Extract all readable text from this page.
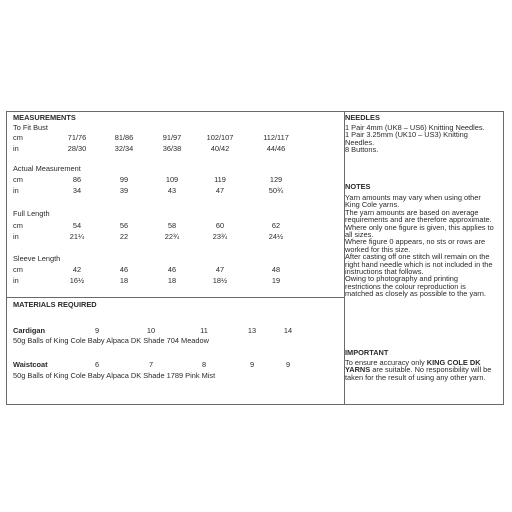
MEASUREMENTS
To Fit Bust
cm	71/76	81/86	91/97	102/107	112/117
in	28/30	32/34	36/38	40/42	44/46
Actual Measurement
cm	86	99	109	119	129
in	34	39	43	47	50¾
Full Length
cm	54	56	58	60	62
in	21¼	22	22¾	23¾	24½
Sleeve Length
cm	42	46	46	47	48
in	16½	18	18	18½	19
MATERIALS REQUIRED
Cardigan	9	10	11	13	14
50g Balls of King Cole Baby Alpaca DK Shade 704 Meadow
Waistcoat	6	7	8	9	9
50g Balls of King Cole Baby Alpaca DK Shade 1789 Pink Mist
NEEDLES
1 Pair 4mm (UK8 – US6) Knitting Needles.
1 Pair 3.25mm (UK10 – US3) Knitting Needles.
8 Buttons.
NOTES
Yarn amounts may vary when using other King Cole yarns.
The yarn amounts are based on average requirements and are therefore approximate. Where only one figure is given, this applies to all sizes.
Where figure 0 appears, no sts or rows are worked for this size.
After casting off one stitch will remain on the right hand needle which is not included in the instructions that follows.
Owing to photography and printing restrictions the colour reproduction is matched as closely as possible to the yarn.
IMPORTANT
To ensure accuracy only KING COLE DK YARNS are suitable. No responsibility will be taken for the result of using any other yarn.
